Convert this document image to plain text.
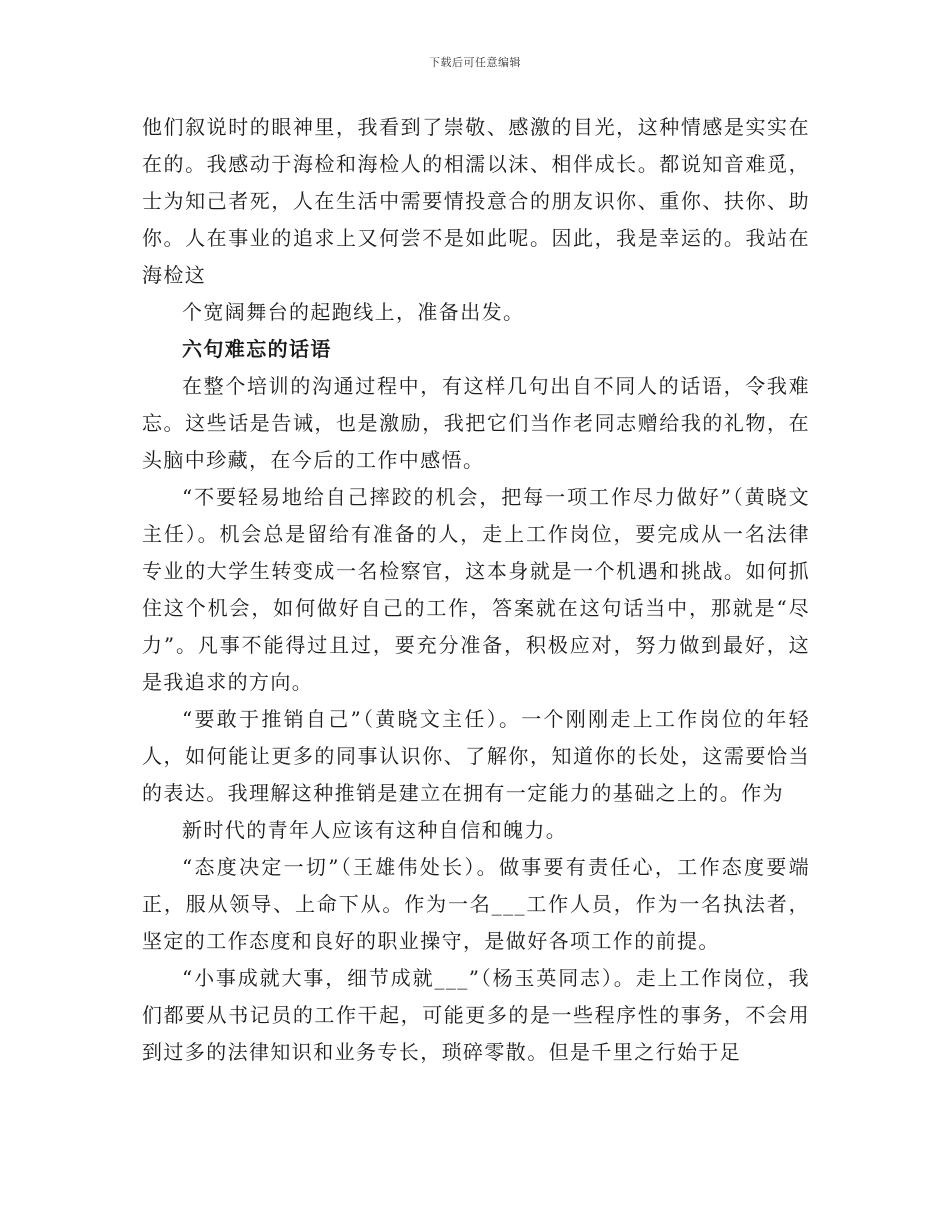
下载后可任意编辑

他们叙说时的眼神里，我看到了崇敬、感激的目光，这种情感是实实在在的。我感动于海检和海检人的相濡以沫、相伴成长。都说知音难觅，士为知己者死，人在生活中需要情投意合的朋友识你、重你、扶你、助你。人在事业的追求上又何尝不是如此呢。因此，我是幸运的。我站在海检这

个宽阔舞台的起跑线上，准备出发。

六句难忘的话语

在整个培训的沟通过程中，有这样几句出自不同人的话语，令我难忘。这些话是告诫，也是激励，我把它们当作老同志赠给我的礼物，在头脑中珍藏，在今后的工作中感悟。

“不要轻易地给自己摔跤的机会，把每一项工作尽力做好”（黄晓文主任）。机会总是留给有准备的人，走上工作岗位，要完成从一名法律专业的大学生转变成一名检察官，这本身就是一个机遇和挑战。如何抓住这个机会，如何做好自己的工作，答案就在这句话当中，那就是“尽力”。凡事不能得过且过，要充分准备，积极应对，努力做到最好，这是我追求的方向。

“要敢于推销自己”（黄晓文主任）。一个刚刚走上工作岗位的年轻人，如何能让更多的同事认识你、了解你，知道你的长处，这需要恰当的表达。我理解这种推销是建立在拥有一定能力的基础之上的。作为

新时代的青年人应该有这种自信和魄力。

“态度决定一切”（王雄伟处长）。做事要有责任心，工作态度要端正，服从领导、上命下从。作为一名___工作人员，作为一名执法者，坚定的工作态度和良好的职业操守，是做好各项工作的前提。

“小事成就大事，细节成就___”（杨玉英同志）。走上工作岗位，我们都要从书记员的工作干起，可能更多的是一些程序性的事务，不会用到过多的法律知识和业务专长，琐碎零散。但是千里之行始于足
